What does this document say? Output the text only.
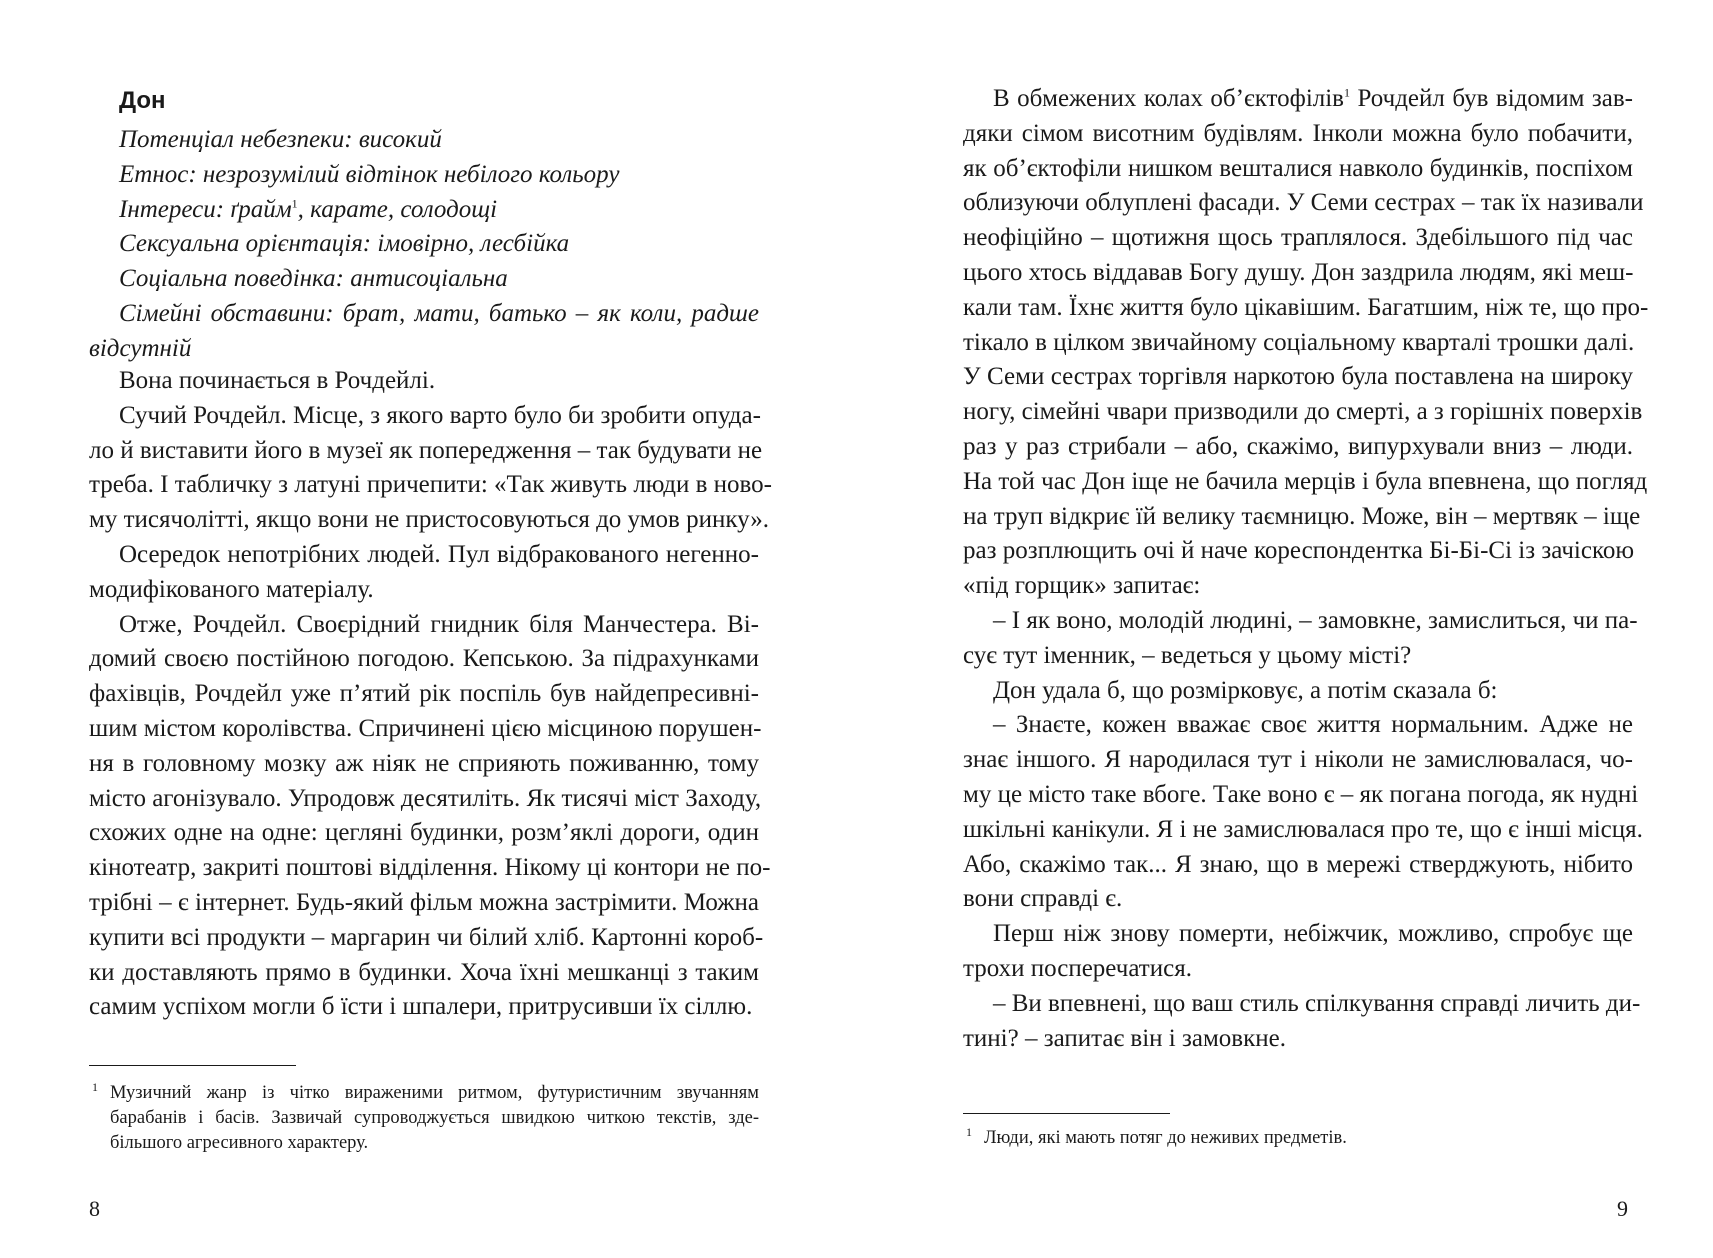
Дон
Потенціал небезпеки: високий
Етнос: незрозумілий відтінок небілого кольору
Інтереси: ґрайм$^1$, карате, солодощі
Сексуальна орієнтація: імовірно, лесбійка
Соціальна поведінка: антисоціальна
Сімейні обставини: брат, мати, батько – як коли, радше
відсутній
Вона починається в Рочдейлі.
Сучий Рочдейл. Місце, з якого варто було би зробити опуда-
ло й виставити його в музеї як попередження – так будувати не
треба. І табличку з латуні причепити: «Так живуть люди в ново-
му тисячолітті, якщо вони не пристосовуються до умов ринку».
Осередок непотрібних людей. Пул відбракованого негенно-
модифікованого матеріалу.
Отже, Рочдейл. Своєрідний гнидник біля Манчестера. Ві-
домий своєю постійною погодою. Кепською. За підрахунками
фахівців, Рочдейл уже п’ятий рік поспіль був найдепресивні-
шим містом королівства. Спричинені цією місциною порушен-
ня в головному мозку аж ніяк не сприяють поживанню, тому
місто агонізувало. Упродовж десятиліть. Як тисячі міст Заходу,
схожих одне на одне: цегляні будинки, розм’яклі дороги, один
кінотеатр, закриті поштові відділення. Нікому ці контори не по-
трібні – є інтернет. Будь-який фільм можна застрімити. Можна
купити всі продукти – маргарин чи білий хліб. Картонні короб-
ки доставляють прямо в будинки. Хоча їхні мешканці з таким
самим успіхом могли б їсти і шпалери, притрусивши їх сіллю.
1 Музичний жанр із чітко вираженими ритмом, футуристичним звучанням
барабанів і басів. Зазвичай супроводжується швидкою читкою текстів, зде-
більшого агресивного характеру.
8
В обмежених колах об’єктофілів$^1$ Рочдейл був відомим зав-
дяки сімом висотним будівлям. Інколи можна було побачити,
як об’єктофіли нишком вешталися навколо будинків, поспіхом
облизуючи облуплені фасади. У Семи сестрах – так їх називали
неофіційно – щотижня щось траплялося. Здебільшого під час
цього хтось віддавав Богу душу. Дон заздрила людям, які меш-
кали там. Їхнє життя було цікавішим. Багатшим, ніж те, що про-
тікало в цілком звичайному соціальному кварталі трошки далі.
У Семи сестрах торгівля наркотою була поставлена на широку
ногу, сімейні чвари призводили до смерті, а з горішніх поверхів
раз у раз стрибали – або, скажімо, випурхували вниз – люди.
На той час Дон іще не бачила мерців і була впевнена, що погляд
на труп відкриє їй велику таємницю. Може, він – мертвяк – іще
раз розплющить очі й наче кореспондентка Бі-Бі-Сі із зачіскою
«під горщик» запитає:
– І як воно, молодій людині, – замовкне, замислиться, чи па-
сує тут іменник, – ведеться у цьому місті?
Дон удала б, що розмірковує, а потім сказала б:
– Знаєте, кожен вважає своє життя нормальним. Адже не
знає іншого. Я народилася тут і ніколи не замислювалася, чо-
му це місто таке вбоге. Таке воно є – як погана погода, як нудні
шкільні канікули. Я і не замислювалася про те, що є інші місця.
Або, скажімо так... Я знаю, що в мережі стверджують, нібито
вони справді є.
Перш ніж знову померти, небіжчик, можливо, спробує ще
трохи посперечатися.
– Ви впевнені, що ваш стиль спілкування справді личить ди-
тині? – запитає він і замовкне.
1 Люди, які мають потяг до неживих предметів.
9
